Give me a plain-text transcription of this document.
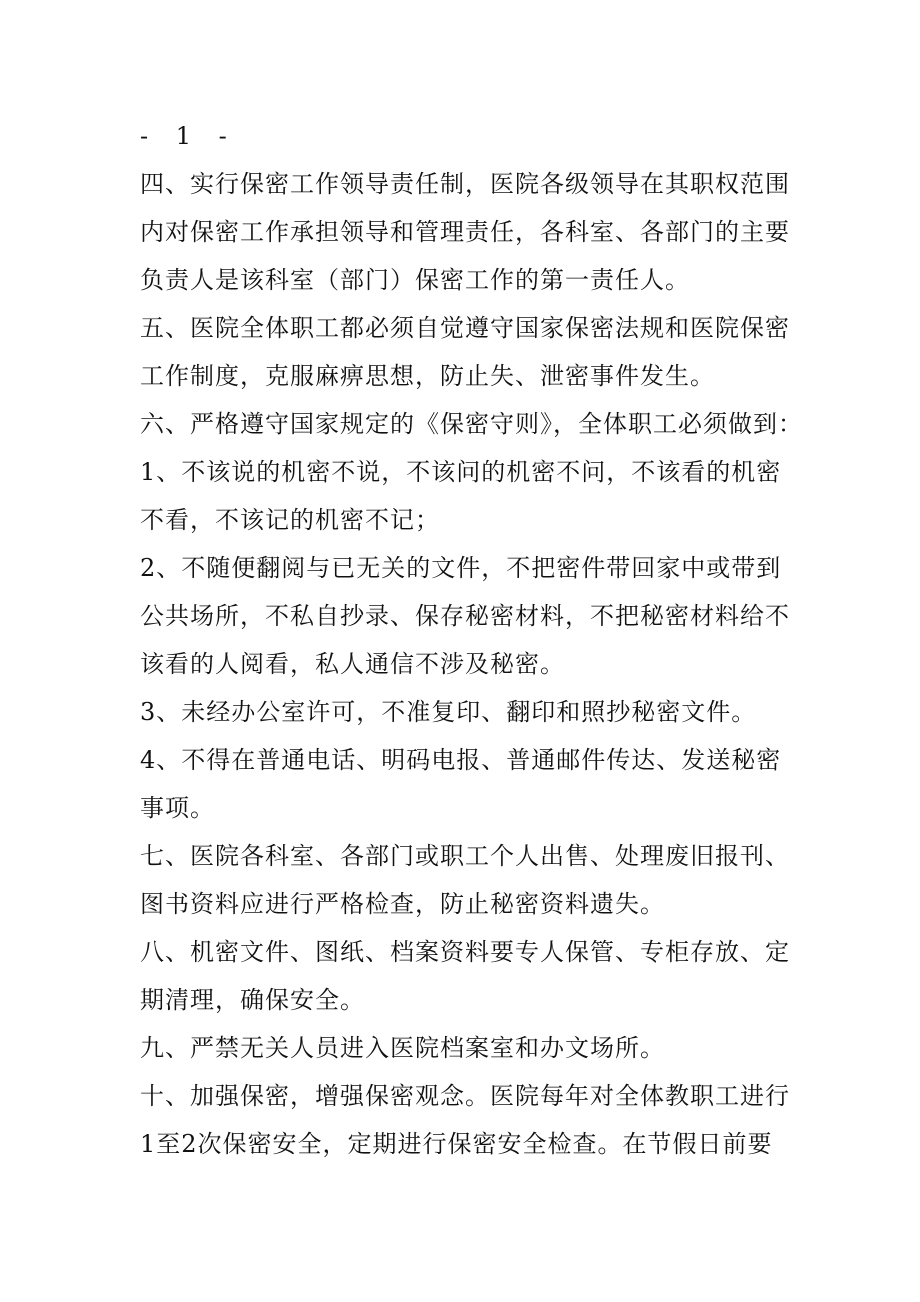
- 1 -
四、实行保密工作领导责任制，医院各级领导在其职权范围
内对保密工作承担领导和管理责任，各科室、各部门的主要
负责人是该科室（部门）保密工作的第一责任人。
五、医院全体职工都必须自觉遵守国家保密法规和医院保密
工作制度，克服麻痹思想，防止失、泄密事件发生。
六、严格遵守国家规定的《保密守则》，全体职工必须做到：
1、不该说的机密不说，不该问的机密不问，不该看的机密
不看，不该记的机密不记；
2、不随便翻阅与已无关的文件，不把密件带回家中或带到
公共场所，不私自抄录、保存秘密材料，不把秘密材料给不
该看的人阅看，私人通信不涉及秘密。
3、未经办公室许可，不准复印、翻印和照抄秘密文件。
4、不得在普通电话、明码电报、普通邮件传达、发送秘密
事项。
七、医院各科室、各部门或职工个人出售、处理废旧报刊、
图书资料应进行严格检查，防止秘密资料遗失。
八、机密文件、图纸、档案资料要专人保管、专柜存放、定
期清理，确保安全。
九、严禁无关人员进入医院档案室和办文场所。
十、加强保密，增强保密观念。医院每年对全体教职工进行
1至2次保密安全，定期进行保密安全检查。在节假日前要
